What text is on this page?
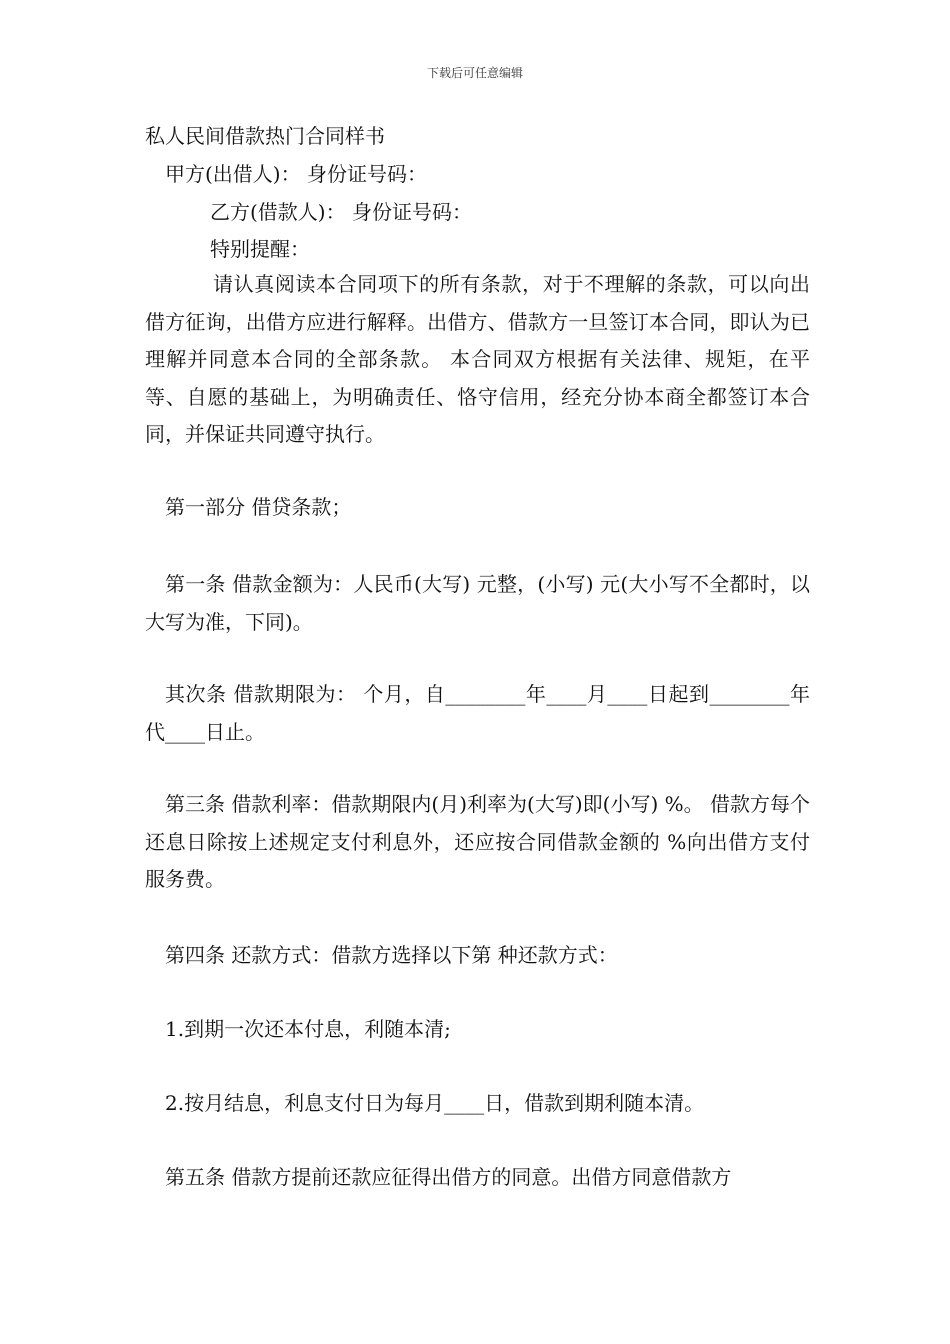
下载后可任意编辑
私人民间借款热门合同样书
甲方(出借人)： 身份证号码：
乙方(借款人)： 身份证号码：
特别提醒：
请认真阅读本合同项下的所有条款，对于不理解的条款，可以向出借方征询，出借方应进行解释。出借方、借款方一旦签订本合同，即认为已理解并同意本合同的全部条款。 本合同双方根据有关法律、规矩，在平等、自愿的基础上，为明确责任、恪守信用，经充分协本商全都签订本合同，并保证共同遵守执行。
第一部分 借贷条款；
第一条 借款金额为：人民币(大写) 元整，(小写) 元(大小写不全都时，以大写为准，下同)。
其次条 借款期限为： 个月，自________年____月____日起到________年代____日止。
第三条 借款利率：借款期限内(月)利率为(大写)即(小写) %。 借款方每个还息日除按上述规定支付利息外，还应按合同借款金额的 %向出借方支付服务费。
第四条 还款方式：借款方选择以下第 种还款方式：
1.到期一次还本付息，利随本清;
2.按月结息，利息支付日为每月____日，借款到期利随本清。
第五条 借款方提前还款应征得出借方的同意。出借方同意借款方
